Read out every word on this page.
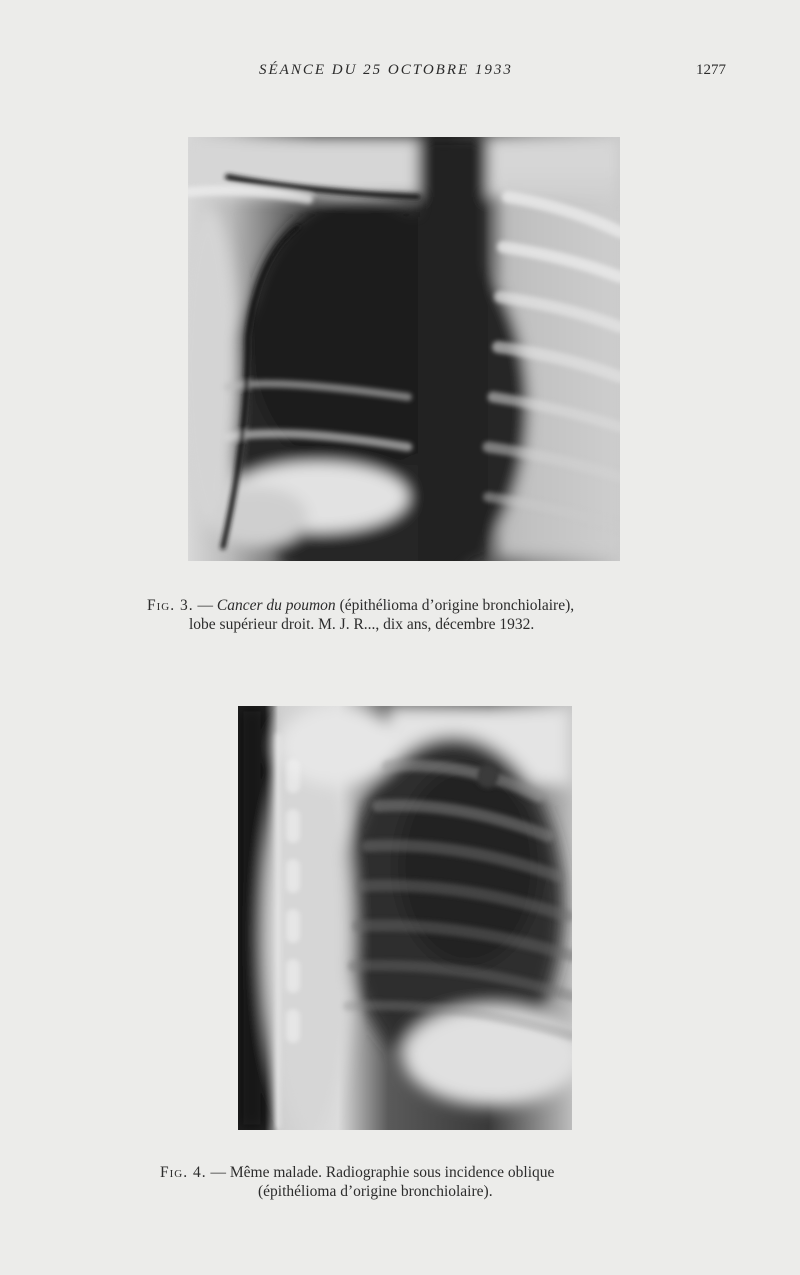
SÉANCE DU 25 OCTOBRE 1933	1277
Fig. 3. — Cancer du poumon (épithélioma d’origine bronchiolaire),
lobe supérieur droit. M. J. R..., dix ans, décembre 1932.
Fig. 4. — Même malade. Radiographie sous incidence oblique
(épithélioma d’origine bronchiolaire).
